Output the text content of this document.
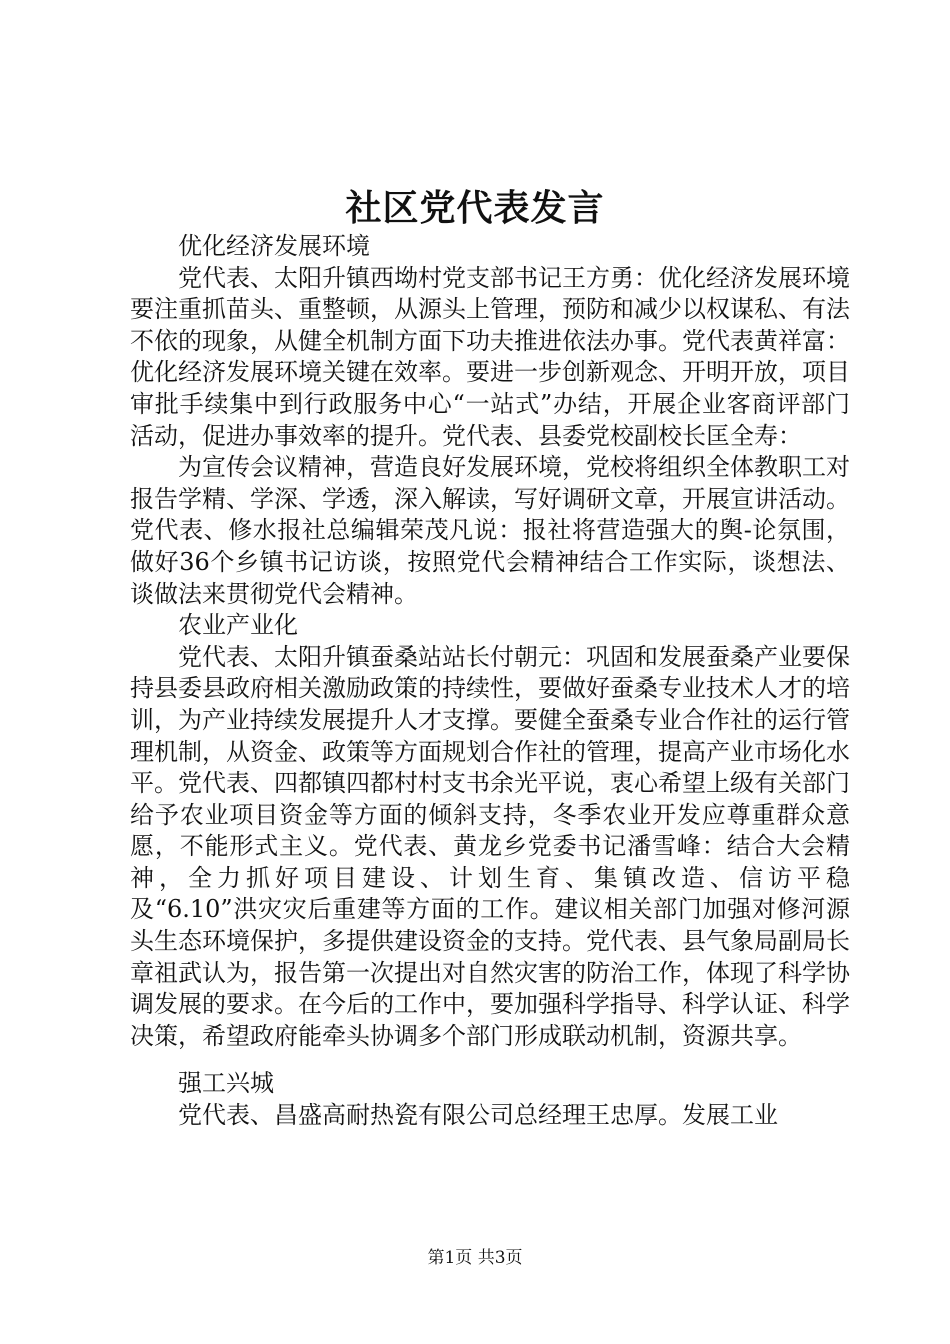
社区党代表发言

优化经济发展环境

党代表、太阳升镇西坳村党支部书记王方勇：优化经济发展环境要注重抓苗头、重整顿，从源头上管理，预防和减少以权谋私、有法不依的现象，从健全机制方面下功夫推进依法办事。党代表黄祥富：优化经济发展环境关键在效率。要进一步创新观念、开明开放，项目审批手续集中到行政服务中心“一站式”办结，开展企业客商评部门活动，促进办事效率的提升。党代表、县委党校副校长匡全寿：

为宣传会议精神，营造良好发展环境，党校将组织全体教职工对报告学精、学深、学透，深入解读，写好调研文章，开展宣讲活动。党代表、修水报社总编辑荣茂凡说：报社将营造强大的舆-论氛围，做好36个乡镇书记访谈，按照党代会精神结合工作实际，谈想法、谈做法来贯彻党代会精神。

农业产业化

党代表、太阳升镇蚕桑站站长付朝元：巩固和发展蚕桑产业要保持县委县政府相关激励政策的持续性，要做好蚕桑专业技术人才的培训，为产业持续发展提升人才支撑。要健全蚕桑专业合作社的运行管理机制，从资金、政策等方面规划合作社的管理，提高产业市场化水平。党代表、四都镇四都村村支书余光平说，衷心希望上级有关部门给予农业项目资金等方面的倾斜支持，冬季农业开发应尊重群众意愿，不能形式主义。党代表、黄龙乡党委书记潘雪峰：结合大会精神，全力抓好项目建设、计划生育、集镇改造、信访平稳及“6.10”洪灾灾后重建等方面的工作。建议相关部门加强对修河源头生态环境保护，多提供建设资金的支持。党代表、县气象局副局长章祖武认为，报告第一次提出对自然灾害的防治工作，体现了科学协调发展的要求。在今后的工作中，要加强科学指导、科学认证、科学决策，希望政府能牵头协调多个部门形成联动机制，资源共享。

强工兴城

党代表、昌盛高耐热瓷有限公司总经理王忠厚。发展工业

第1页 共3页
